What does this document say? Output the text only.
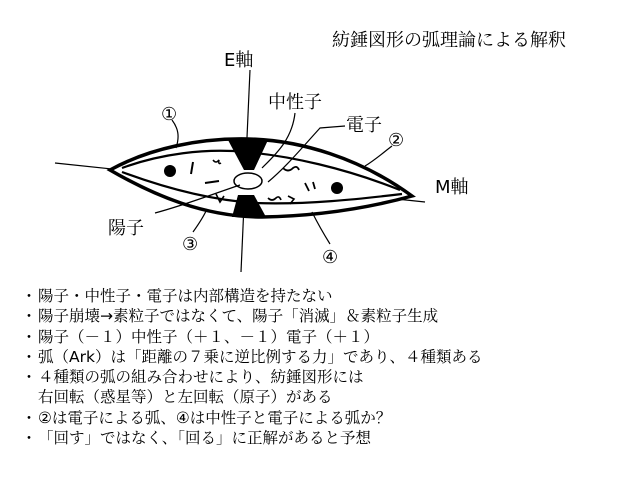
紡錘図形の弧理論による解釈
E軸
M軸
中性子
電子
陽子
①
②
③
④
・ 陽子・中性子・電子は内部構造を持たない
・ 陽子崩壊→素粒子ではなくて、陽子「消滅」＆素粒子生成
・ 陽子（－１）中性子（＋１、－１）電子（＋１）
・ 弧（Ark）は「距離の７乗に逆比例する力」であり、４種類ある
・ ４種類の弧の組み合わせにより、紡錘図形には
右回転（惑星等）と左回転（原子）がある
・ ②は電子による弧、④は中性子と電子による弧か？
・ 「回す」ではなく、「回る」に正解があると予想
